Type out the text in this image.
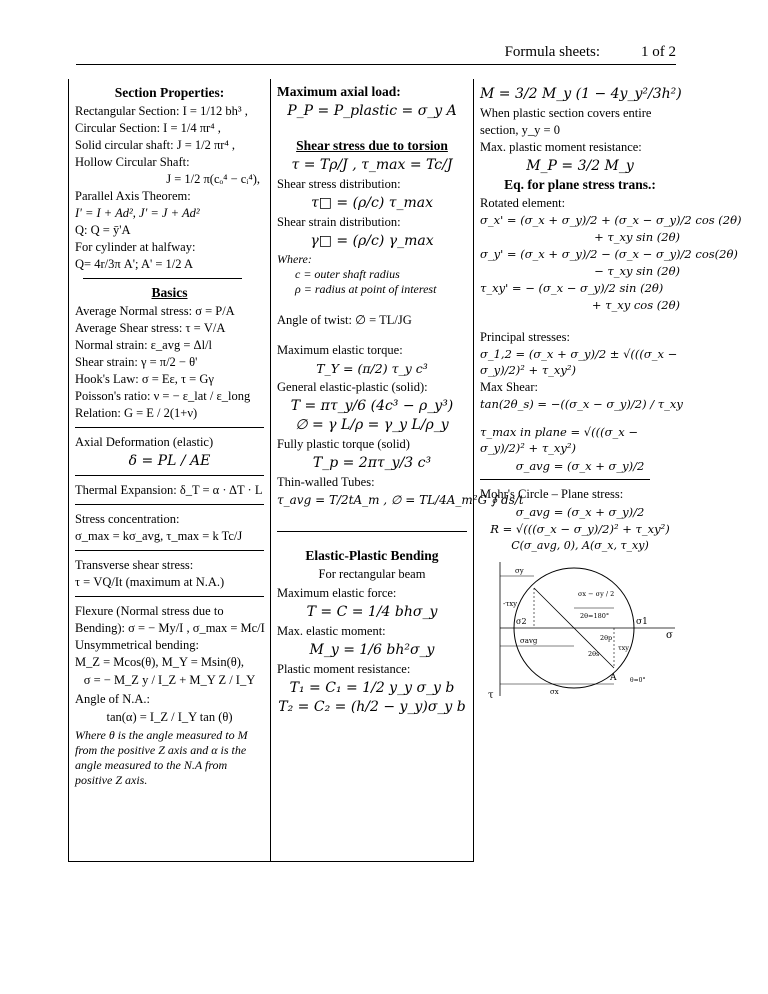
Formula sheets:	1 of 2
Section Properties:
Rectangular Section: I = 1/12 bh³ ,
Circular Section: I = 1/4 πr⁴ ,
Solid circular shaft: J = 1/2 πr⁴ ,
Hollow Circular Shaft:
J = 1/2 π(cₒ⁴ − cᵢ⁴),
Parallel Axis Theorem:
I' = I + Ad², J' = J + Ad²
Q: Q = ȳ'A
For cylinder at halfway:
Q= 4r/3π A'; A' = 1/2 A
Basics
Average Normal stress: σ = P/A
Average Shear stress: τ = V/A
Normal strain: ε_avg = Δl/l
Shear strain: γ = π/2 − θ'
Hook's Law: σ = Eε, τ = Gγ
Poisson's ratio: ν = − ε_lat / ε_long
Relation: G = E / 2(1+ν)
Axial Deformation (elastic)
δ = PL / AE
Thermal Expansion: δ_T = α · ΔT · L
Stress concentration:
σ_max = kσ_avg, τ_max = k Tc/J
Transverse shear stress:
τ = VQ/It (maximum at N.A.)
Flexure (Normal stress due to
Bending): σ = − My/I , σ_max = Mc/I
Unsymmetrical bending:
M_Z = Mcos(θ), M_Y = Msin(θ),
σ = − M_Z y / I_Z + M_Y Z / I_Y
Angle of N.A.:
tan(α) = I_Z / I_Y tan (θ)
Where θ is the angle measured to M from the positive Z axis and α is the angle measured to the N.A from positive Z axis.
Maximum axial load:
P_P = P_plastic = σ_y A
Shear stress due to torsion
τ = Tρ/J , τ_max = Tc/J
Shear stress distribution:
τ□ = (ρ/c) τ_max
Shear strain distribution:
γ□ = (ρ/c) γ_max
Where:
c = outer shaft radius
ρ = radius at point of interest
Angle of twist: ∅ = TL/JG
Maximum elastic torque:
T_Y = (π/2) τ_y c³
General elastic-plastic (solid):
T = πτ_y/6 (4c³ − ρ_y³)
∅ = γ L/ρ = γ_y L/ρ_y
Fully plastic torque (solid)
T_p = 2πτ_y/3 c³
Thin-walled Tubes:
τ_avg = T/2tA_m , ∅ = TL/4A_m²G ∮ ds/t
Elastic-Plastic Bending
For rectangular beam
Maximum elastic force:
T = C = 1/4 bhσ_y
Max. elastic moment:
M_y = 1/6 bh²σ_y
Plastic moment resistance:
T₁ = C₁ = 1/2 y_y σ_y b
T₂ = C₂ = (h/2 − y_y)σ_y b
M = 3/2 M_y (1 − 4y_y²/3h²)
When plastic section covers entire
section, y_y = 0
Max. plastic moment resistance:
M_P = 3/2 M_y
Eq. for plane stress trans.:
Rotated element:
σ_x' = (σ_x + σ_y)/2 + (σ_x − σ_y)/2 cos (2θ)
+ τ_xy sin (2θ)
σ_y' = (σ_x + σ_y)/2 − (σ_x − σ_y)/2 cos(2θ)
− τ_xy sin (2θ)
τ_xy' = − (σ_x − σ_y)/2 sin (2θ)
+ τ_xy cos (2θ)
Principal stresses:
σ_1,2 = (σ_x + σ_y)/2 ± √(((σ_x − σ_y)/2)² + τ_xy²)
Max Shear:
tan(2θ_s) = −((σ_x − σ_y)/2) / τ_xy
τ_max in plane = √(((σ_x − σ_y)/2)² + τ_xy²)
σ_avg = (σ_x + σ_y)/2
Mohr's Circle – Plane stress:
σ_avg = (σ_x + σ_y)/2
R = √(((σ_x − σ_y)/2)² + τ_xy²)
C(σ_avg, 0), A(σ_x, τ_xy)
σy
-τxy
σ2
σavg
σ1
σ
τ	σx
σx − σy / 2
2θ=180°
2θp
2θs
τxy
A θ=0°
